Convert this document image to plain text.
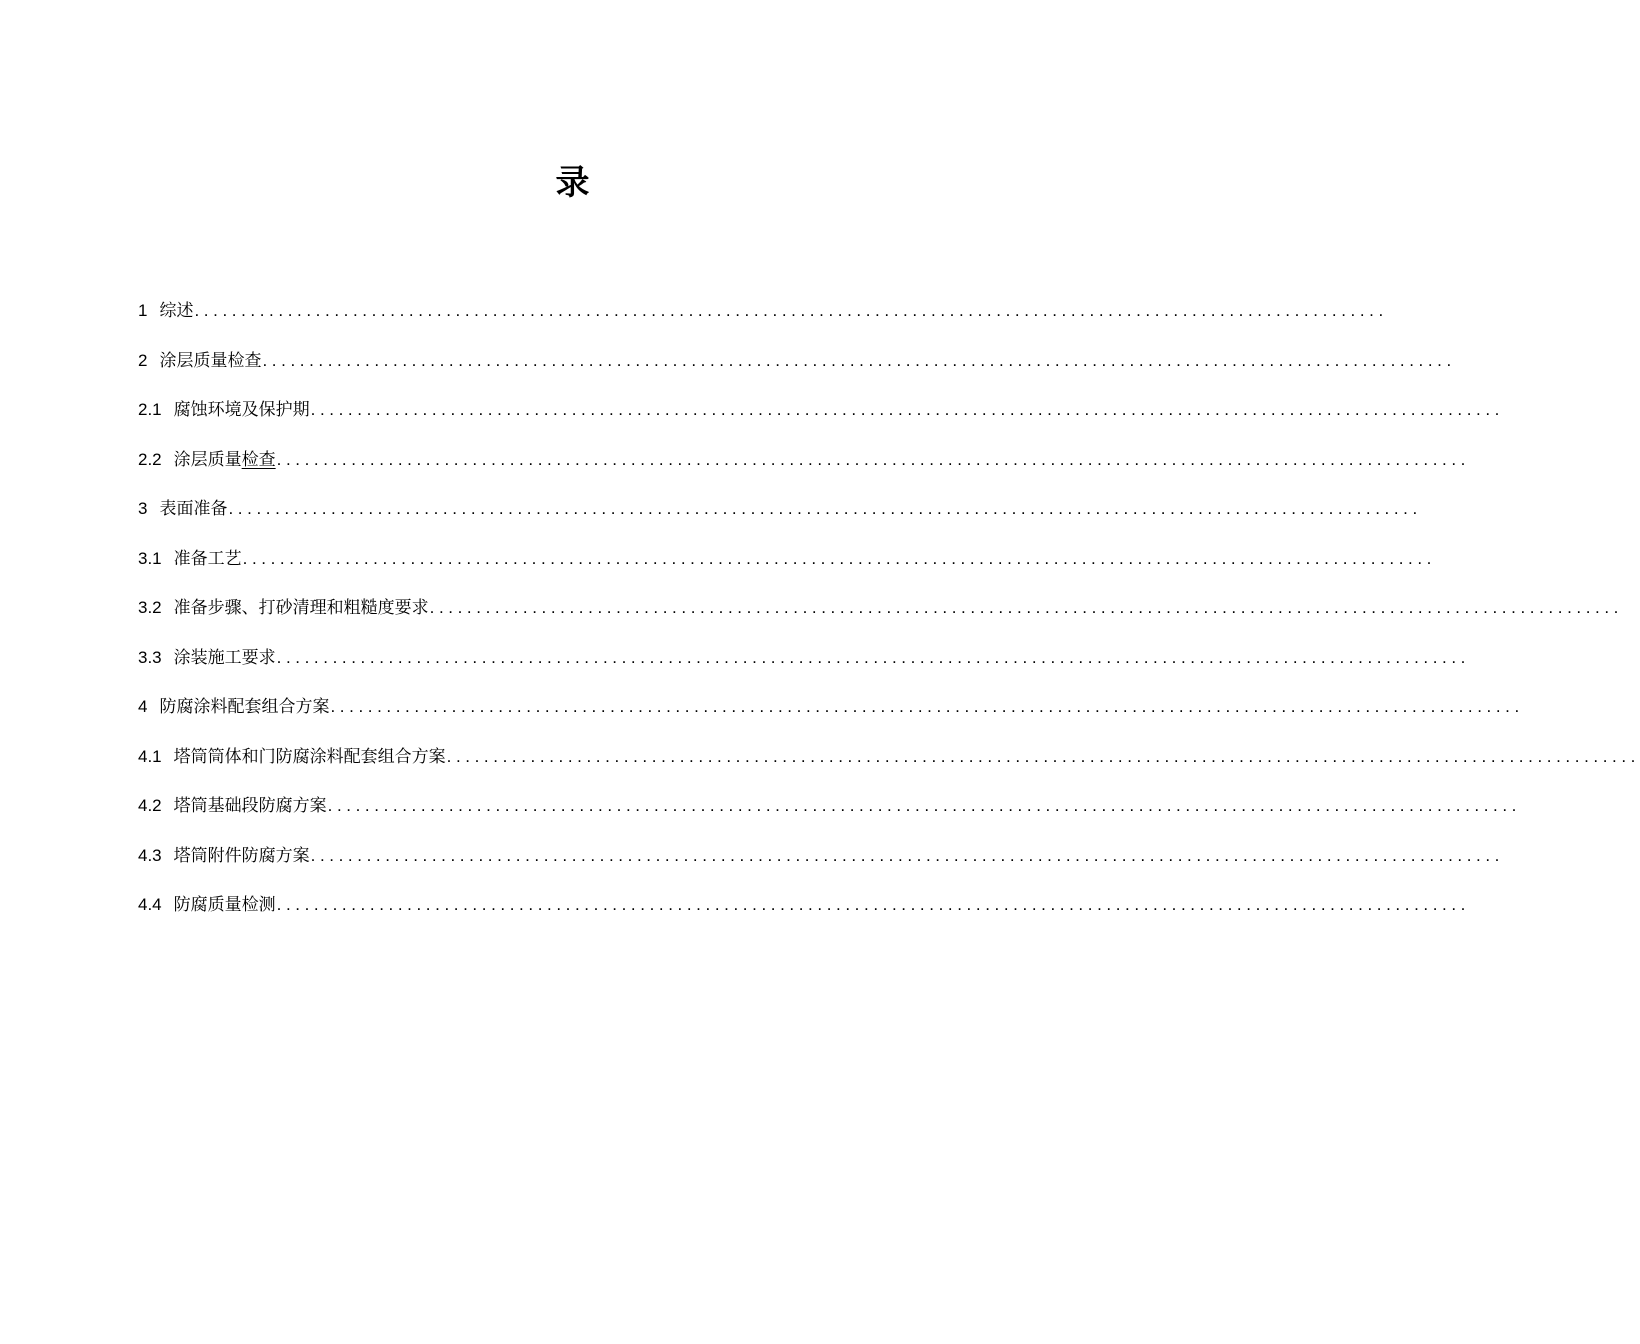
录
1 综述 ................................................................................................................................
2 涂层质量检查 ................................................................................................................................
2.1 腐蚀环境及保护期 ................................................................................................................................
2.2 涂层质量检查 ................................................................................................................................
3 表面准备 ................................................................................................................................
3.1 准备工艺 ................................................................................................................................
3.2 准备步骤、打砂清理和粗糙度要求 ................................................................................................................................
3.3 涂装施工要求 ................................................................................................................................
4 防腐涂料配套组合方案 ................................................................................................................................
4.1 塔筒筒体和门防腐涂料配套组合方案 ................................................................................................................................
4.2 塔筒基础段防腐方案 ................................................................................................................................
4.3 塔筒附件防腐方案 ................................................................................................................................
4.4 防腐质量检测 ................................................................................................................................
